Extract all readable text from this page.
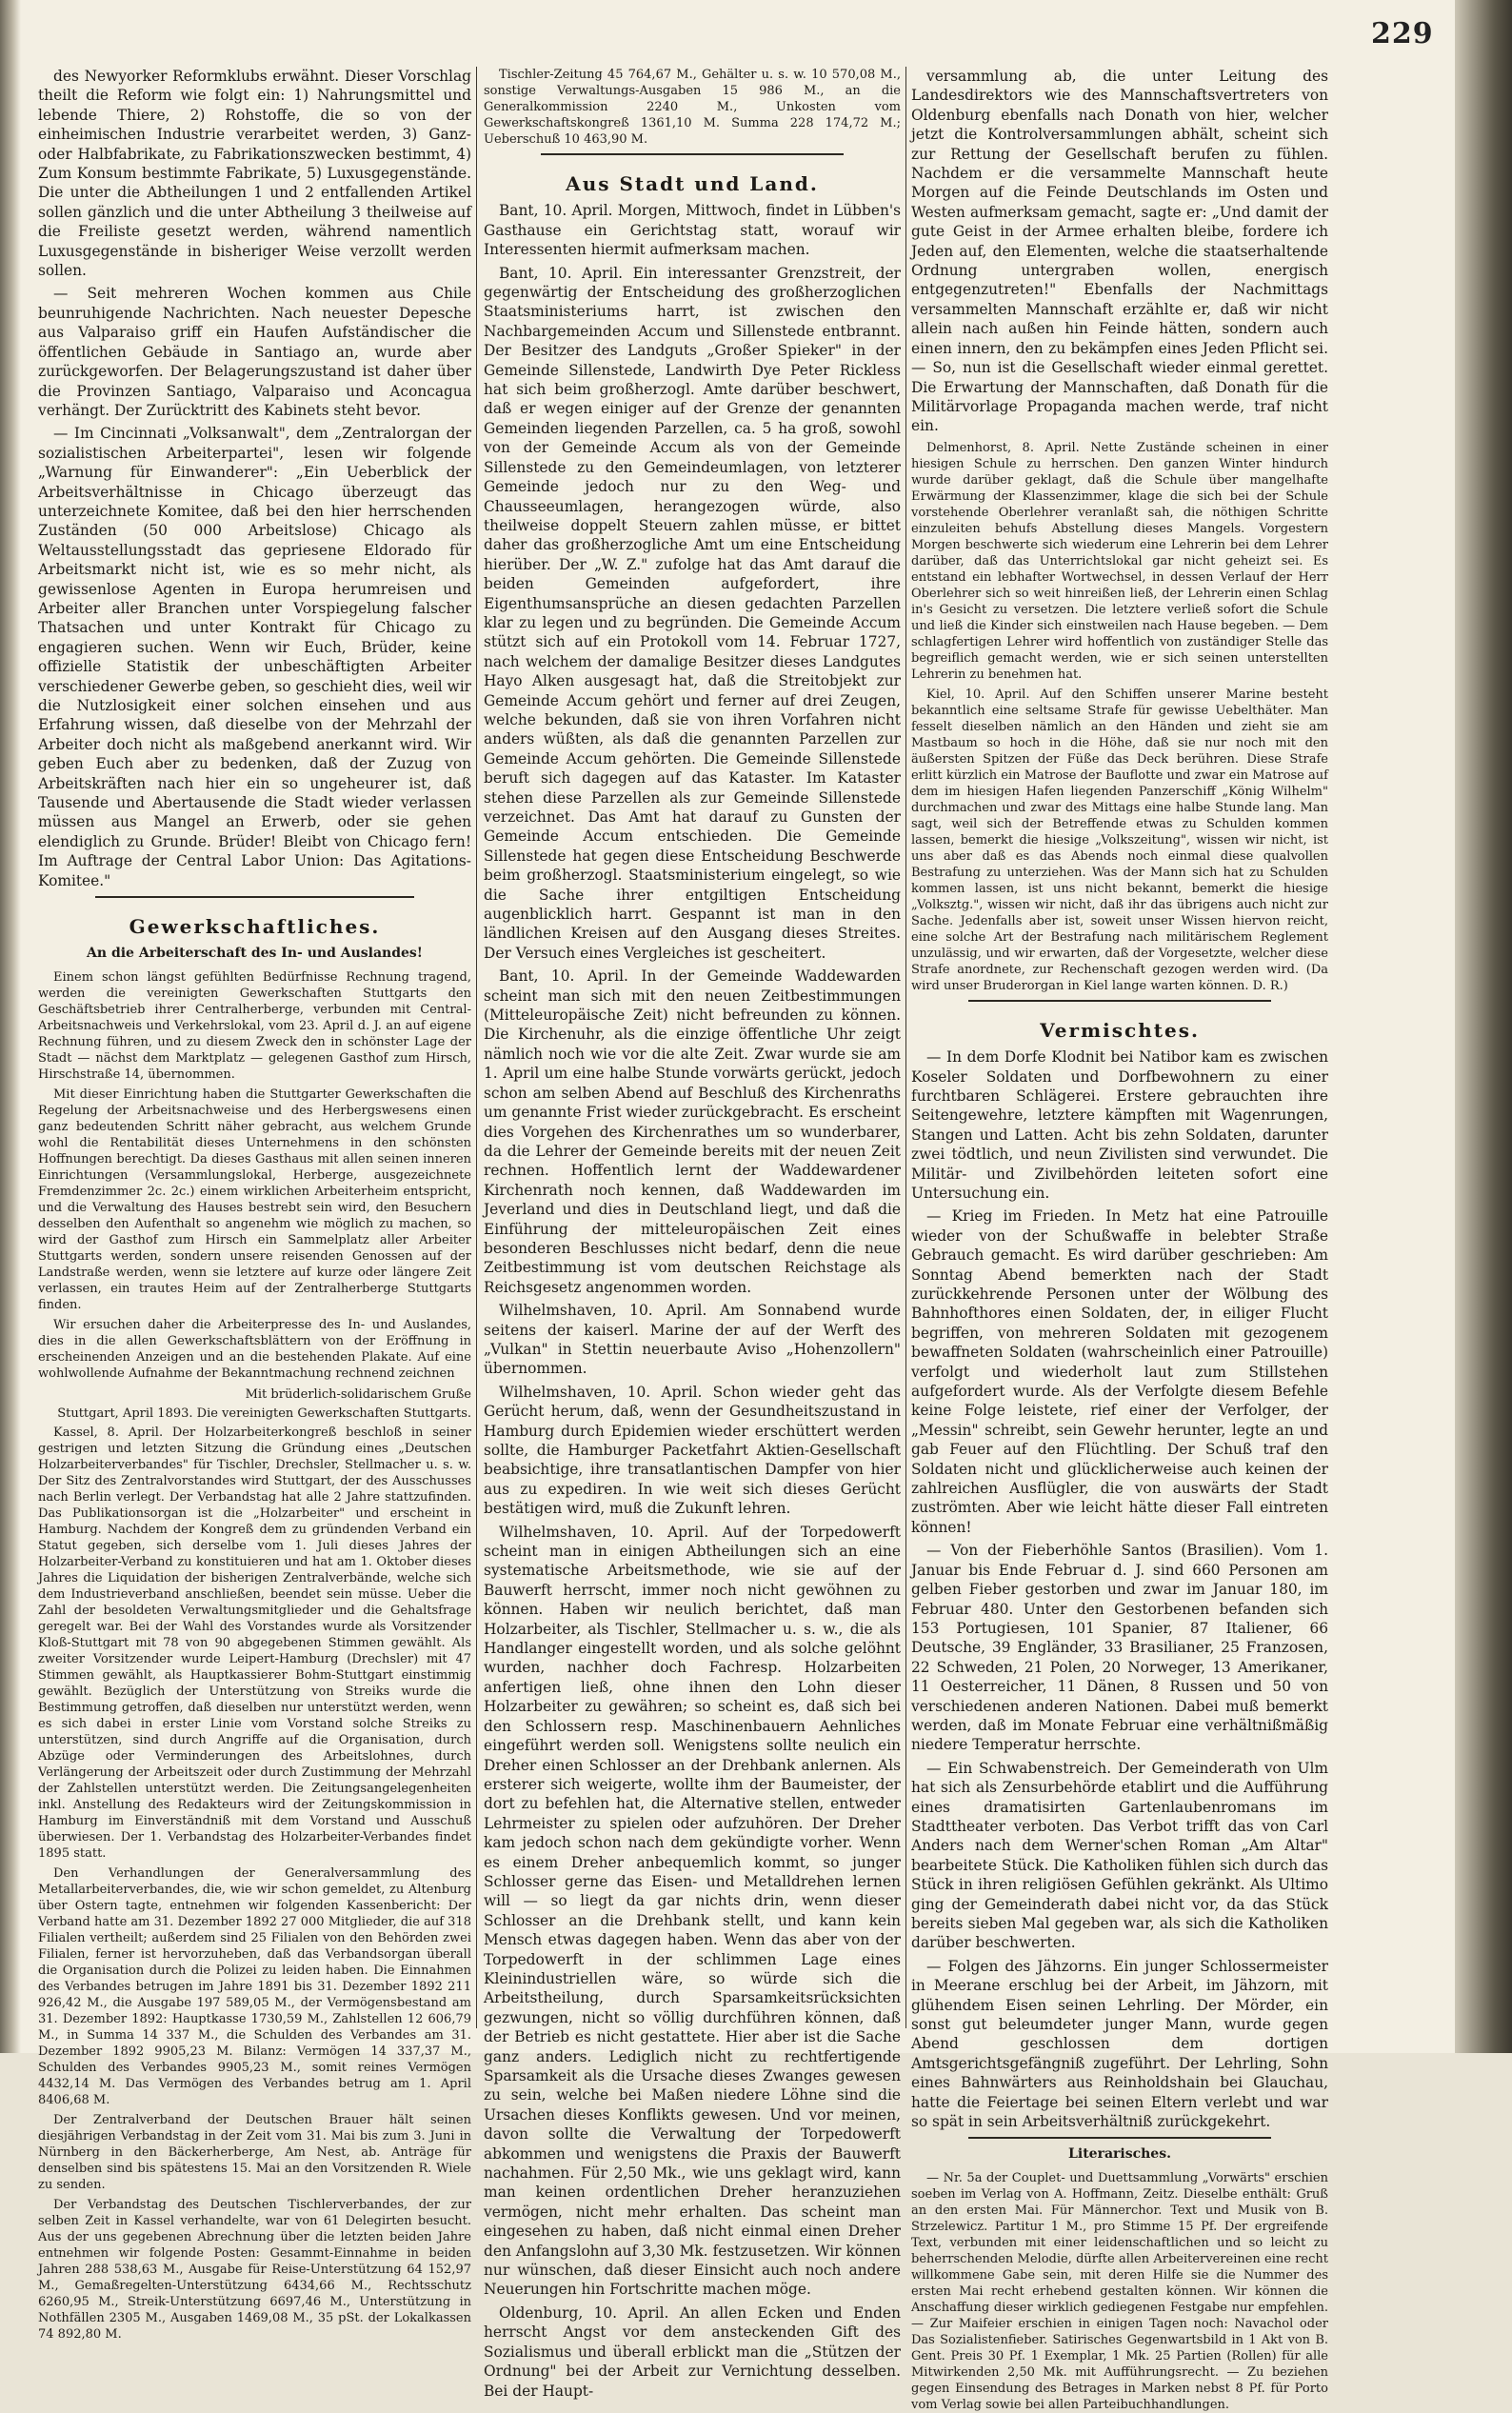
229

des Newyorker Reformklubs erwähnt. Dieser Vorschlag theilt die Reform wie folgt ein: 1) Nahrungsmittel und lebende Thiere, 2) Rohstoffe, die so von der einheimischen Industrie verarbeitet werden, 3) Ganz- oder Halbfabrikate, zu Fabrikationszwecken bestimmt, 4) Zum Konsum bestimmte Fabrikate, 5) Luxusgegenstände. Die unter die Abtheilungen 1 und 2 entfallenden Artikel sollen gänzlich und die unter Abtheilung 3 theilweise auf die Freiliste gesetzt werden, während namentlich Luxusgegenstände in bisheriger Weise verzollt werden sollen.

— Seit mehreren Wochen kommen aus Chile beunruhigende Nachrichten. Nach neuester Depesche aus Valparaiso griff ein Haufen Aufständischer die öffentlichen Gebäude in Santiago an, wurde aber zurückgeworfen. Der Belagerungszustand ist daher über die Provinzen Santiago, Valparaiso und Aconcagua verhängt. Der Zurücktritt des Kabinets steht bevor.

— Im Cincinnati „Volksanwalt", dem „Zentralorgan der sozialistischen Arbeiterpartei", lesen wir folgende „Warnung für Einwanderer": „Ein Ueberblick der Arbeitsverhältnisse in Chicago überzeugt das unterzeichnete Komitee, daß bei den hier herrschenden Zuständen (50 000 Arbeitslose) Chicago als Weltausstellungsstadt das gepriesene Eldorado für Arbeitsmarkt nicht ist, wie es so mehr nicht, als gewissenlose Agenten in Europa herumreisen und Arbeiter aller Branchen unter Vorspiegelung falscher Thatsachen und unter Kontrakt für Chicago zu engagieren suchen. Wenn wir Euch, Brüder, keine offizielle Statistik der unbeschäftigten Arbeiter verschiedener Gewerbe geben, so geschieht dies, weil wir die Nutzlosigkeit einer solchen einsehen und aus Erfahrung wissen, daß dieselbe von der Mehrzahl der Arbeiter doch nicht als maßgebend anerkannt wird. Wir geben Euch aber zu bedenken, daß der Zuzug von Arbeitskräften nach hier ein so ungeheurer ist, daß Tausende und Abertausende die Stadt wieder verlassen müssen aus Mangel an Erwerb, oder sie gehen elendiglich zu Grunde. Brüder! Bleibt von Chicago fern! Im Auftrage der Central Labor Union: Das Agitations-Komitee."

Gewerkschaftliches.
An die Arbeiterschaft des In- und Auslandes!

Einem schon längst gefühlten Bedürfnisse Rechnung tragend, werden die vereinigten Gewerkschaften Stuttgarts den Geschäftsbetrieb ihrer Centralherberge, verbunden mit Central-Arbeitsnachweis und Verkehrslokal, vom 23. April d. J. an auf eigene Rechnung führen, und zu diesem Zweck den in schönster Lage der Stadt — nächst dem Marktplatz — gelegenen Gasthof zum Hirsch, Hirschstraße 14, übernommen.

Mit dieser Einrichtung haben die Stuttgarter Gewerkschaften die Regelung der Arbeitsnachweise und des Herbergswesens einen ganz bedeutenden Schritt näher gebracht, aus welchem Grunde wohl die Rentabilität dieses Unternehmens in den schönsten Hoffnungen berechtigt. Da dieses Gasthaus mit allen seinen inneren Einrichtungen (Versammlungslokal, Herberge, ausgezeichnete Fremdenzimmer 2c. 2c.) einem wirklichen Arbeiterheim entspricht, und die Verwaltung des Hauses bestrebt sein wird, den Besuchern desselben den Aufenthalt so angenehm wie möglich zu machen, so wird der Gasthof zum Hirsch ein Sammelplatz aller Arbeiter Stuttgarts werden, sondern unsere reisenden Genossen auf der Landstraße werden, wenn sie letztere auf kurze oder längere Zeit verlassen, ein trautes Heim auf der Zentralherberge Stuttgarts finden.

Wir ersuchen daher die Arbeiterpresse des In- und Auslandes, dies in die allen Gewerkschaftsblättern von der Eröffnung in erscheinenden Anzeigen und an die bestehenden Plakate. Auf eine wohlwollende Aufnahme der Bekanntmachung rechnend zeichnen

Mit brüderlich-solidarischem Gruße
Stuttgart, April 1893. Die vereinigten Gewerkschaften Stuttgarts.

Kassel, 8. April. Der Holzarbeiterkongreß beschloß in seiner gestrigen und letzten Sitzung die Gründung eines „Deutschen Holzarbeiterverbandes" für Tischler, Drechsler, Stellmacher u. s. w. Der Sitz des Zentralvorstandes wird Stuttgart, der des Ausschusses nach Berlin verlegt. Der Verbandstag hat alle 2 Jahre stattzufinden. Das Publikationsorgan ist die „Holzarbeiter" und erscheint in Hamburg. Nachdem der Kongreß dem zu gründenden Verband ein Statut gegeben, sich derselbe vom 1. Juli dieses Jahres der Holzarbeiter-Verband zu konstituieren und hat am 1. Oktober dieses Jahres die Liquidation der bisherigen Zentralverbände, welche sich dem Industrieverband anschließen, beendet sein müsse. Ueber die Zahl der besoldeten Verwaltungsmitglieder und die Gehaltsfrage geregelt war. Bei der Wahl des Vorstandes wurde als Vorsitzender Kloß-Stuttgart mit 78 von 90 abgegebenen Stimmen gewählt. Als zweiter Vorsitzender wurde Leipert-Hamburg (Drechsler) mit 47 Stimmen gewählt, als Hauptkassierer Bohm-Stuttgart einstimmig gewählt. Bezüglich der Unterstützung von Streiks wurde die Bestimmung getroffen, daß dieselben nur unterstützt werden, wenn es sich dabei in erster Linie vom Vorstand solche Streiks zu unterstützen, sind durch Angriffe auf die Organisation, durch Abzüge oder Verminderungen des Arbeitslohnes, durch Verlängerung der Arbeitszeit oder durch Zustimmung der Mehrzahl der Zahlstellen unterstützt werden. Die Zeitungsangelegenheiten inkl. Anstellung des Redakteurs wird der Zeitungskommission in Hamburg im Einverständniß mit dem Vorstand und Ausschuß überwiesen. Der 1. Verbandstag des Holzarbeiter-Verbandes findet 1895 statt.

Den Verhandlungen der Generalversammlung des Metallarbeiterverbandes, die, wie wir schon gemeldet, zu Altenburg über Ostern tagte, entnehmen wir folgenden Kassenbericht: Der Verband hatte am 31. Dezember 1892 27 000 Mitglieder, die auf 318 Filialen vertheilt; außerdem sind 25 Filialen von den Behörden zwei Filialen, ferner ist hervorzuheben, daß das Verbandsorgan überall die Organisation durch die Polizei zu leiden haben. Die Einnahmen des Verbandes betrugen im Jahre 1891 bis 31. Dezember 1892 211 926,42 M., die Ausgabe 197 589,05 M., der Vermögensbestand am 31. Dezember 1892: Hauptkasse 1730,59 M., Zahlstellen 12 606,79 M., in Summa 14 337 M., die Schulden des Verbandes am 31. Dezember 1892 9905,23 M. Bilanz: Vermögen 14 337,37 M., Schulden des Verbandes 9905,23 M., somit reines Vermögen 4432,14 M. Das Vermögen des Verbandes betrug am 1. April 8406,68 M.

Der Zentralverband der Deutschen Brauer hält seinen diesjährigen Verbandstag in der Zeit vom 31. Mai bis zum 3. Juni in Nürnberg in den Bäckerherberge, Am Nest, ab. Anträge für denselben sind bis spätestens 15. Mai an den Vorsitzenden R. Wiele zu senden.

Der Verbandstag des Deutschen Tischlerverbandes, der zur selben Zeit in Kassel verhandelte, war von 61 Delegirten besucht. Aus der uns gegebenen Abrechnung über die letzten beiden Jahre entnehmen wir folgende Posten: Gesammt-Einnahme in beiden Jahren 288 538,63 M., Ausgabe für Reise-Unterstützung 64 152,97 M., Gemaßregelten-Unterstützung 6434,66 M., Rechtsschutz 6260,95 M., Streik-Unterstützung 6697,46 M., Unterstützung in Nothfällen 2305 M., Ausgaben 1469,08 M., 35 pSt. der Lokalkassen 74 892,80 M.

Tischler-Zeitung 45 764,67 M., Gehälter u. s. w. 10 570,08 M., sonstige Verwaltungs-Ausgaben 15 986 M., an die Generalkommission 2240 M., Unkosten vom Gewerkschaftskongreß 1361,10 M. Summa 228 174,72 M.; Ueberschuß 10 463,90 M.

Aus Stadt und Land.

Bant, 10. April. Morgen, Mittwoch, findet in Lübben's Gasthause ein Gerichtstag statt, worauf wir Interessenten hiermit aufmerksam machen.

Bant, 10. April. Ein interessanter Grenzstreit, der gegenwärtig der Entscheidung des großherzoglichen Staatsministeriums harrt, ist zwischen den Nachbargemeinden Accum und Sillenstede entbrannt. Der Besitzer des Landguts „Großer Spieker" in der Gemeinde Sillenstede, Landwirth Dye Peter Rickless hat sich beim großherzogl. Amte darüber beschwert, daß er wegen einiger auf der Grenze der genannten Gemeinden liegenden Parzellen, ca. 5 ha groß, sowohl von der Gemeinde Accum als von der Gemeinde Sillenstede zu den Gemeindeumlagen, von letzterer Gemeinde jedoch nur zu den Weg- und Chausseeumlagen, herangezogen würde, also theilweise doppelt Steuern zahlen müsse, er bittet daher das großherzogliche Amt um eine Entscheidung hierüber. Der „W. Z." zufolge hat das Amt darauf die beiden Gemeinden aufgefordert, ihre Eigenthumsansprüche an diesen gedachten Parzellen klar zu legen und zu begründen. Die Gemeinde Accum stützt sich auf ein Protokoll vom 14. Februar 1727, nach welchem der damalige Besitzer dieses Landgutes Hayo Alken ausgesagt hat, daß die Streitobjekt zur Gemeinde Accum gehört und ferner auf drei Zeugen, welche bekunden, daß sie von ihren Vorfahren nicht anders wüßten, als daß die genannten Parzellen zur Gemeinde Accum gehörten. Die Gemeinde Sillenstede beruft sich dagegen auf das Kataster. Im Kataster stehen diese Parzellen als zur Gemeinde Sillenstede verzeichnet. Das Amt hat darauf zu Gunsten der Gemeinde Accum entschieden. Die Gemeinde Sillenstede hat gegen diese Entscheidung Beschwerde beim großherzogl. Staatsministerium eingelegt, so wie die Sache ihrer entgiltigen Entscheidung augenblicklich harrt. Gespannt ist man in den ländlichen Kreisen auf den Ausgang dieses Streites. Der Versuch eines Vergleiches ist gescheitert.

Bant, 10. April. In der Gemeinde Waddewarden scheint man sich mit den neuen Zeitbestimmungen (Mitteleuropäische Zeit) nicht befreunden zu können. Die Kirchenuhr, als die einzige öffentliche Uhr zeigt nämlich noch wie vor die alte Zeit. Zwar wurde sie am 1. April um eine halbe Stunde vorwärts gerückt, jedoch schon am selben Abend auf Beschluß des Kirchenraths um genannte Frist wieder zurückgebracht. Es erscheint dies Vorgehen des Kirchenrathes um so wunderbarer, da die Lehrer der Gemeinde bereits mit der neuen Zeit rechnen. Hoffentlich lernt der Waddewardener Kirchenrath noch kennen, daß Waddewarden im Jeverland und dies in Deutschland liegt, und daß die Einführung der mitteleuropäischen Zeit eines besonderen Beschlusses nicht bedarf, denn die neue Zeitbestimmung ist vom deutschen Reichstage als Reichsgesetz angenommen worden.

Wilhelmshaven, 10. April. Am Sonnabend wurde seitens der kaiserl. Marine der auf der Werft des „Vulkan" in Stettin neuerbaute Aviso „Hohenzollern" übernommen.

Wilhelmshaven, 10. April. Schon wieder geht das Gerücht herum, daß, wenn der Gesundheitszustand in Hamburg durch Epidemien wieder erschüttert werden sollte, die Hamburger Packetfahrt Aktien-Gesellschaft beabsichtige, ihre transatlantischen Dampfer von hier aus zu expediren. In wie weit sich dieses Gerücht bestätigen wird, muß die Zukunft lehren.

Wilhelmshaven, 10. April. Auf der Torpedowerft scheint man in einigen Abtheilungen sich an eine systematische Arbeitsmethode, wie sie auf der Bauwerft herrscht, immer noch nicht gewöhnen zu können. Haben wir neulich berichtet, daß man Holzarbeiter, als Tischler, Stellmacher u. s. w., die als Handlanger eingestellt worden, und als solche gelöhnt wurden, nachher doch Fachresp. Holzarbeiten anfertigen ließ, ohne ihnen den Lohn dieser Holzarbeiter zu gewähren; so scheint es, daß sich bei den Schlossern resp. Maschinenbauern Aehnliches eingeführt werden soll. Wenigstens sollte neulich ein Dreher einen Schlosser an der Drehbank anlernen. Als ersterer sich weigerte, wollte ihm der Baumeister, der dort zu befehlen hat, die Alternative stellen, entweder Lehrmeister zu spielen oder aufzuhören. Der Dreher kam jedoch schon nach dem gekündigte vorher. Wenn es einem Dreher anbequemlich kommt, so junger Schlosser gerne das Eisen- und Metalldrehen lernen will — so liegt da gar nichts drin, wenn dieser Schlosser an die Drehbank stellt, und kann kein Mensch etwas dagegen haben. Wenn das aber von der Torpedowerft in der schlimmen Lage eines Kleinindustriellen wäre, so würde sich die Arbeitstheilung, durch Sparsamkeitsrücksichten gezwungen, nicht so völlig durchführen können, daß der Betrieb es nicht gestattete. Hier aber ist die Sache ganz anders. Lediglich nicht zu rechtfertigende Sparsamkeit als die Ursache dieses Zwanges gewesen zu sein, welche bei Maßen niedere Löhne sind die Ursachen dieses Konflikts gewesen. Und vor meinen, davon sollte die Verwaltung der Torpedowerft abkommen und wenigstens die Praxis der Bauwerft nachahmen. Für 2,50 Mk., wie uns geklagt wird, kann man keinen ordentlichen Dreher heranzuziehen vermögen, nicht mehr erhalten. Das scheint man eingesehen zu haben, daß nicht einmal einen Dreher den Anfangslohn auf 3,30 Mk. festzusetzen. Wir können nur wünschen, daß dieser Einsicht auch noch andere Neuerungen hin Fortschritte machen möge.

Oldenburg, 10. April. An allen Ecken und Enden herrscht Angst vor dem ansteckenden Gift des Sozialismus und überall erblickt man die „Stützen der Ordnung" bei der Arbeit zur Vernichtung desselben. Bei der Haupt-

versammlung ab, die unter Leitung des Landesdirektors wie des Mannschaftsvertreters von Oldenburg ebenfalls nach Donath von hier, welcher jetzt die Kontrolversammlungen abhält, scheint sich zur Rettung der Gesellschaft berufen zu fühlen. Nachdem er die versammelte Mannschaft heute Morgen auf die Feinde Deutschlands im Osten und Westen aufmerksam gemacht, sagte er: „Und damit der gute Geist in der Armee erhalten bleibe, fordere ich Jeden auf, den Elementen, welche die staatserhaltende Ordnung untergraben wollen, energisch entgegenzutreten!" Ebenfalls der Nachmittags versammelten Mannschaft erzählte er, daß wir nicht allein nach außen hin Feinde hätten, sondern auch einen innern, den zu bekämpfen eines Jeden Pflicht sei. — So, nun ist die Gesellschaft wieder einmal gerettet. Die Erwartung der Mannschaften, daß Donath für die Militärvorlage Propaganda machen werde, traf nicht ein.

Delmenhorst, 8. April. Nette Zustände scheinen in einer hiesigen Schule zu herrschen. Den ganzen Winter hindurch wurde darüber geklagt, daß die Schule über mangelhafte Erwärmung der Klassenzimmer, klage die sich bei der Schule vorstehende Oberlehrer veranlaßt sah, die nöthigen Schritte einzuleiten behufs Abstellung dieses Mangels. Vorgestern Morgen beschwerte sich wiederum eine Lehrerin bei dem Lehrer darüber, daß das Unterrichtslokal gar nicht geheizt sei. Es entstand ein lebhafter Wortwechsel, in dessen Verlauf der Herr Oberlehrer sich so weit hinreißen ließ, der Lehrerin einen Schlag in's Gesicht zu versetzen. Die letztere verließ sofort die Schule und ließ die Kinder sich einstweilen nach Hause begeben. — Dem schlagfertigen Lehrer wird hoffentlich von zuständiger Stelle das begreiflich gemacht werden, wie er sich seinen unterstellten Lehrerin zu benehmen hat.

Kiel, 10. April. Auf den Schiffen unserer Marine besteht bekanntlich eine seltsame Strafe für gewisse Uebelthäter. Man fesselt dieselben nämlich an den Händen und zieht sie am Mastbaum so hoch in die Höhe, daß sie nur noch mit den äußersten Spitzen der Füße das Deck berühren. Diese Strafe erlitt kürzlich ein Matrose der Bauflotte und zwar ein Matrose auf dem im hiesigen Hafen liegenden Panzerschiff „König Wilhelm" durchmachen und zwar des Mittags eine halbe Stunde lang. Man sagt, weil sich der Betreffende etwas zu Schulden kommen lassen, bemerkt die hiesige „Volkszeitung", wissen wir nicht, ist uns aber daß es das Abends noch einmal diese qualvollen Bestrafung zu unterziehen. Was der Mann sich hat zu Schulden kommen lassen, ist uns nicht bekannt, bemerkt die hiesige „Volksztg.", wissen wir nicht, daß ihr das übrigens auch nicht zur Sache. Jedenfalls aber ist, soweit unser Wissen hiervon reicht, eine solche Art der Bestrafung nach militärischem Reglement unzulässig, und wir erwarten, daß der Vorgesetzte, welcher diese Strafe anordnete, zur Rechenschaft gezogen werden wird. (Da wird unser Bruderorgan in Kiel lange warten können. D. R.)

Vermischtes.

— In dem Dorfe Klodnit bei Natibor kam es zwischen Koseler Soldaten und Dorfbewohnern zu einer furchtbaren Schlägerei. Erstere gebrauchten ihre Seitengewehre, letztere kämpften mit Wagenrungen, Stangen und Latten. Acht bis zehn Soldaten, darunter zwei tödtlich, und neun Zivilisten sind verwundet. Die Militär- und Zivilbehörden leiteten sofort eine Untersuchung ein.

— Krieg im Frieden. In Metz hat eine Patrouille wieder von der Schußwaffe in belebter Straße Gebrauch gemacht. Es wird darüber geschrieben: Am Sonntag Abend bemerkten nach der Stadt zurückkehrende Personen unter der Wölbung des Bahnhofthores einen Soldaten, der, in eiliger Flucht begriffen, von mehreren Soldaten mit gezogenem bewaffneten Soldaten (wahrscheinlich einer Patrouille) verfolgt und wiederholt laut zum Stillstehen aufgefordert wurde. Als der Verfolgte diesem Befehle keine Folge leistete, rief einer der Verfolger, der „Messin" schreibt, sein Gewehr herunter, legte an und gab Feuer auf den Flüchtling. Der Schuß traf den Soldaten nicht und glücklicherweise auch keinen der zahlreichen Ausflügler, die von auswärts der Stadt zuströmten. Aber wie leicht hätte dieser Fall eintreten können!

— Von der Fieberhöhle Santos (Brasilien). Vom 1. Januar bis Ende Februar d. J. sind 660 Personen am gelben Fieber gestorben und zwar im Januar 180, im Februar 480. Unter den Gestorbenen befanden sich 153 Portugiesen, 101 Spanier, 87 Italiener, 66 Deutsche, 39 Engländer, 33 Brasilianer, 25 Franzosen, 22 Schweden, 21 Polen, 20 Norweger, 13 Amerikaner, 11 Oesterreicher, 11 Dänen, 8 Russen und 50 von verschiedenen anderen Nationen. Dabei muß bemerkt werden, daß im Monate Februar eine verhältnißmäßig niedere Temperatur herrschte.

— Ein Schwabenstreich. Der Gemeinderath von Ulm hat sich als Zensurbehörde etablirt und die Aufführung eines dramatisirten Gartenlaubenromans im Stadttheater verboten. Das Verbot trifft das von Carl Anders nach dem Werner'schen Roman „Am Altar" bearbeitete Stück. Die Katholiken fühlen sich durch das Stück in ihren religiösen Gefühlen gekränkt. Als Ultimo ging der Gemeinderath dabei nicht vor, da das Stück bereits sieben Mal gegeben war, als sich die Katholiken darüber beschwerten.

— Folgen des Jähzorns. Ein junger Schlossermeister in Meerane erschlug bei der Arbeit, im Jähzorn, mit glühendem Eisen seinen Lehrling. Der Mörder, ein sonst gut beleumdeter junger Mann, wurde gegen Abend geschlossen dem dortigen Amtsgerichtsgefängniß zugeführt. Der Lehrling, Sohn eines Bahnwärters aus Reinholdshain bei Glauchau, hatte die Feiertage bei seinen Eltern verlebt und war so spät in sein Arbeitsverhältniß zurückgekehrt.

Literarisches.

— Nr. 5a der Couplet- und Duettsammlung „Vorwärts" erschien soeben im Verlag von A. Hoffmann, Zeitz. Dieselbe enthält: Gruß an den ersten Mai. Für Männerchor. Text und Musik von B. Strzelewicz. Partitur 1 M., pro Stimme 15 Pf. Der ergreifende Text, verbunden mit einer leidenschaftlichen und so leicht zu beherrschenden Melodie, dürfte allen Arbeitervereinen eine recht willkommene Gabe sein, mit deren Hilfe sie die Nummer des ersten Mai recht erhebend gestalten können. Wir können die Anschaffung dieser wirklich gediegenen Festgabe nur empfehlen. — Zur Maifeier erschien in einigen Tagen noch: Navachol oder Das Sozialistenfieber. Satirisches Gegenwartsbild in 1 Akt von B. Gent. Preis 30 Pf. 1 Exemplar, 1 Mk. 25 Partien (Rollen) für alle Mitwirkenden 2,50 Mk. mit Aufführungsrecht. — Zu beziehen gegen Einsendung des Betrages in Marken nebst 8 Pf. für Porto vom Verlag sowie bei allen Parteibuchhandlungen.
